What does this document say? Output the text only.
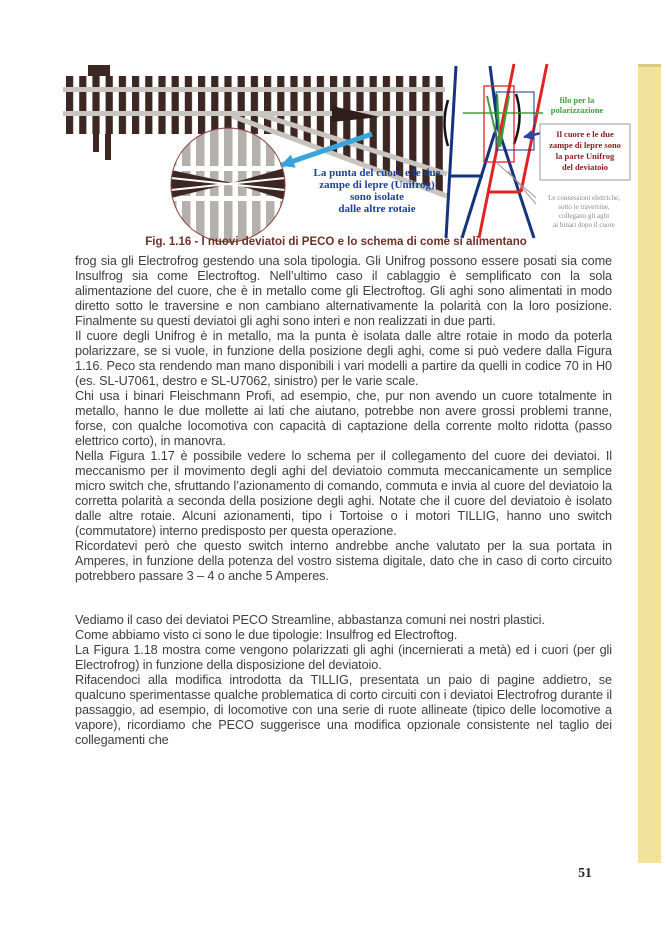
La punta del cuore e le due
zampe di lepre (Unifrog)
sono isolate
dalle altre rotaie
filo per la
polarizzazione
Il cuore e le due
zampe di lepre sono
la parte Unifrog
del deviatoio
Le connessioni elettriche,
sotto le traversine,
collegano gli aghi
ai binari dopo il cuore
Fig. 1.16 - I nuovi deviatoi di PECO e lo schema di come si alimentano

frog sia gli Electrofrog gestendo una sola tipologia. Gli Unifrog possono essere posati sia come Insulfrog sia come Electroftog. Nell’ultimo caso il cablaggio è semplificato con la sola alimentazione del cuore, che è in metallo come gli Electroftog. Gli aghi sono alimentati in modo diretto sotto le traversine e non cambiano alternativamente la polarità con la loro posizione. Finalmente su questi deviatoi gli aghi sono interi e non realizzati in due parti.

Il cuore degli Unifrog è in metallo, ma la punta è isolata dalle altre rotaie in modo da poterla polarizzare, se si vuole, in funzione della posizione degli aghi, come si può vedere dalla Figura 1.16. Peco sta rendendo man mano disponibili i vari modelli a partire da quelli in codice 70 in H0 (es. SL-U7061, destro e SL-U7062, sinistro) per le varie scale.

Chi usa i binari Fleischmann Profi, ad esempio, che, pur non avendo un cuore totalmente in metallo, hanno le due mollette ai lati che aiutano, potrebbe non avere grossi problemi tranne, forse, con qualche locomotiva con capacità di captazione della corrente molto ridotta (passo elettrico corto), in manovra.

Nella Figura 1.17 è possibile vedere lo schema per il collegamento del cuore dei deviatoi. Il meccanismo per il movimento degli aghi del deviatoio commuta meccanicamente un semplice micro switch che, sfruttando l’azionamento di comando, commuta e invia al cuore del deviatoio la corretta polarità a seconda della posizione degli aghi. Notate che il cuore del deviatoio è isolato dalle altre rotaie. Alcuni azionamenti, tipo i Tortoise o i motori TILLIG, hanno uno switch (commutatore) interno predisposto per questa operazione.

Ricordatevi però che questo switch interno andrebbe anche valutato per la sua portata in Amperes, in funzione della potenza del vostro sistema digitale, dato che in caso di corto circuito potrebbero passare 3 – 4 o anche 5 Amperes.

Vediamo il caso dei deviatoi PECO Streamline, abbastanza comuni nei nostri plastici.

Come abbiamo visto ci sono le due tipologie: Insulfrog ed Electroftog.

La Figura 1.18 mostra come vengono polarizzati gli aghi (incernierati a metà) ed i cuori (per gli Electrofrog) in funzione della disposizione del deviatoio.

Rifacendoci alla modifica introdotta da TILLIG, presentata un paio di pagine addietro, se qualcuno sperimentasse qualche problematica di corto circuiti con i deviatoi Electrofrog durante il passaggio, ad esempio, di locomotive con una serie di ruote allineate (tipico delle locomotive a vapore), ricordiamo che PECO suggerisce una modifica opzionale consistente nel taglio dei collegamenti che

51
